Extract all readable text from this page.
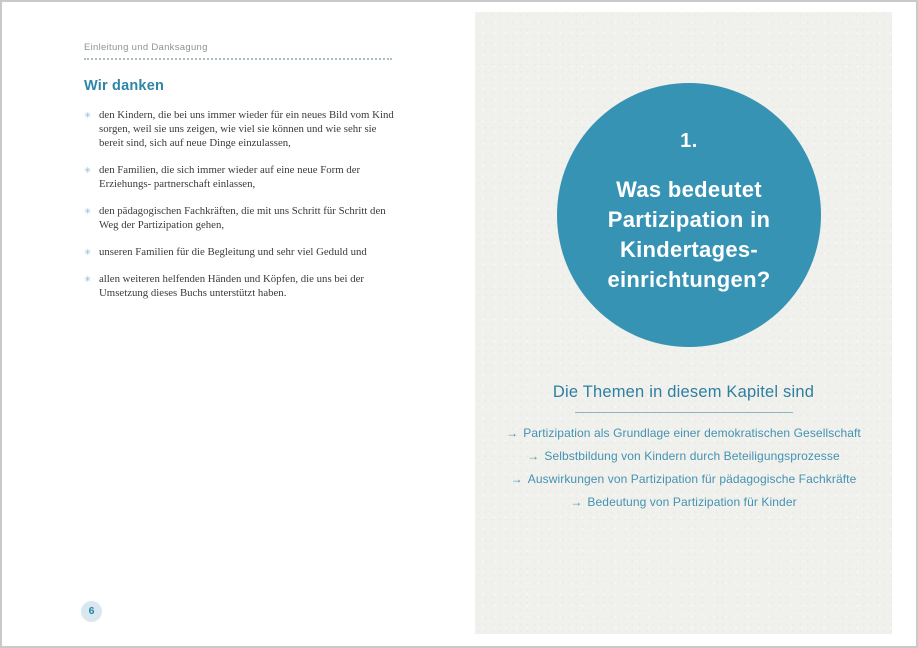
Einleitung und Danksagung
Wir danken
✳ den Kindern, die bei uns immer wieder für ein neues Bild vom Kind sorgen, weil sie uns zeigen, wie viel sie können und wie sehr sie bereit sind, sich auf neue Dinge einzulassen,
✳ den Familien, die sich immer wieder auf eine neue Form der Erziehungs- partnerschaft einlassen,
✳ den pädagogischen Fachkräften, die mit uns Schritt für Schritt den Weg der Partizipation gehen,
✳ unseren Familien für die Begleitung und sehr viel Geduld und
✳ allen weiteren helfenden Händen und Köpfen, die uns bei der Umsetzung dieses Buchs unterstützt haben.
6
1.
Was bedeutet
Partizipation in
Kindertages-
einrichtungen?
Die Themen in diesem Kapitel sind
→ Partizipation als Grundlage einer demokratischen Gesellschaft
→ Selbstbildung von Kindern durch Beteiligungsprozesse
→ Auswirkungen von Partizipation für pädagogische Fachkräfte
→ Bedeutung von Partizipation für Kinder
